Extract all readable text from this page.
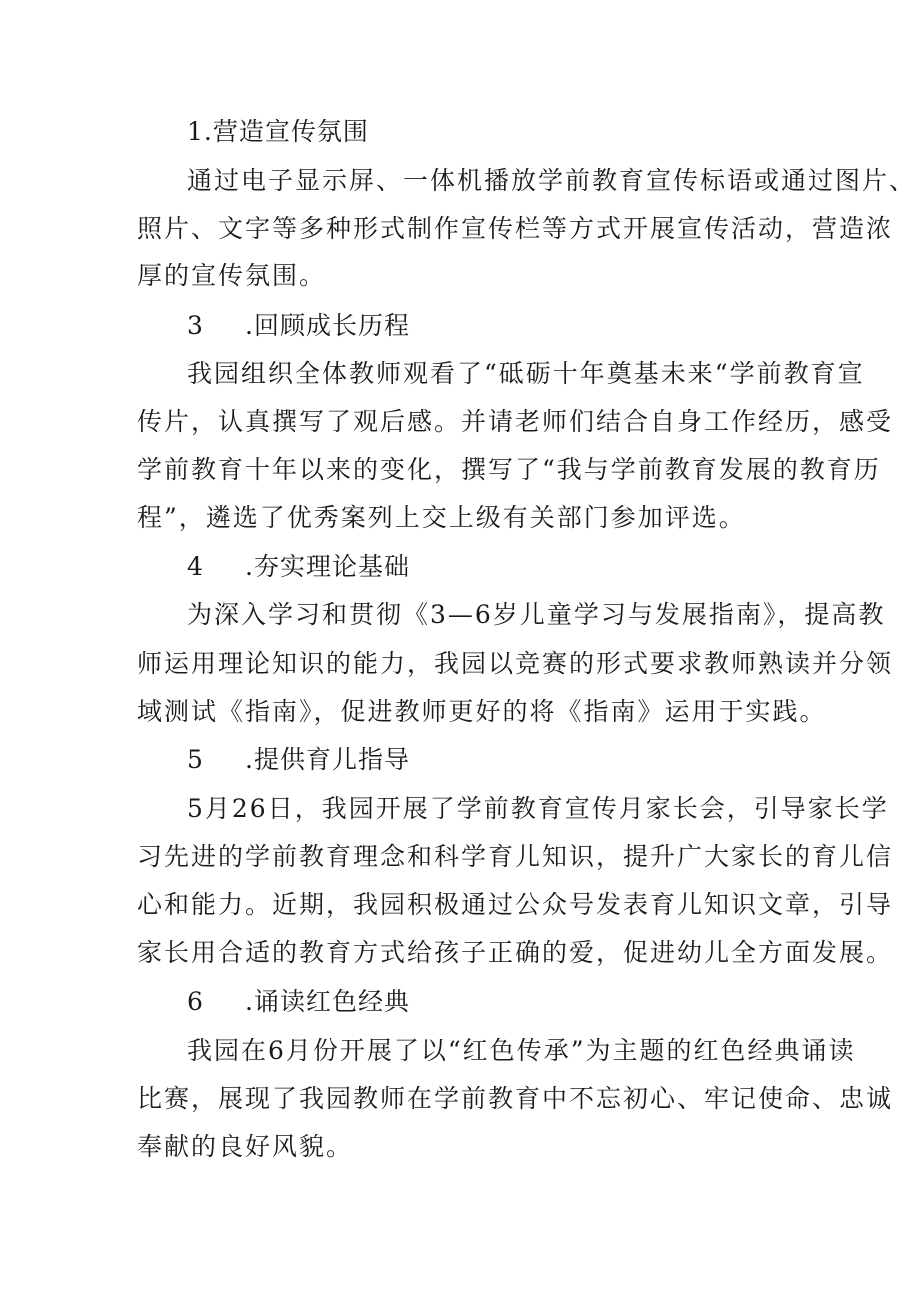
1.营造宣传氛围
通过电子显示屏、一体机播放学前教育宣传标语或通过图片、
照片、文字等多种形式制作宣传栏等方式开展宣传活动，营造浓
厚的宣传氛围。
3 .回顾成长历程
我园组织全体教师观看了“砥砺十年奠基未来“学前教育宣
传片，认真撰写了观后感。并请老师们结合自身工作经历，感受
学前教育十年以来的变化，撰写了“我与学前教育发展的教育历
程”，遴选了优秀案列上交上级有关部门参加评选。
4 .夯实理论基础
为深入学习和贯彻《3—6岁儿童学习与发展指南》，提高教
师运用理论知识的能力，我园以竞赛的形式要求教师熟读并分领
域测试《指南》，促进教师更好的将《指南》运用于实践。
5 .提供育儿指导
5月26日，我园开展了学前教育宣传月家长会，引导家长学
习先进的学前教育理念和科学育儿知识，提升广大家长的育儿信
心和能力。近期，我园积极通过公众号发表育儿知识文章，引导
家长用合适的教育方式给孩子正确的爱，促进幼儿全方面发展。
6 .诵读红色经典
我园在6月份开展了以“红色传承”为主题的红色经典诵读
比赛，展现了我园教师在学前教育中不忘初心、牢记使命、忠诚
奉献的良好风貌。
